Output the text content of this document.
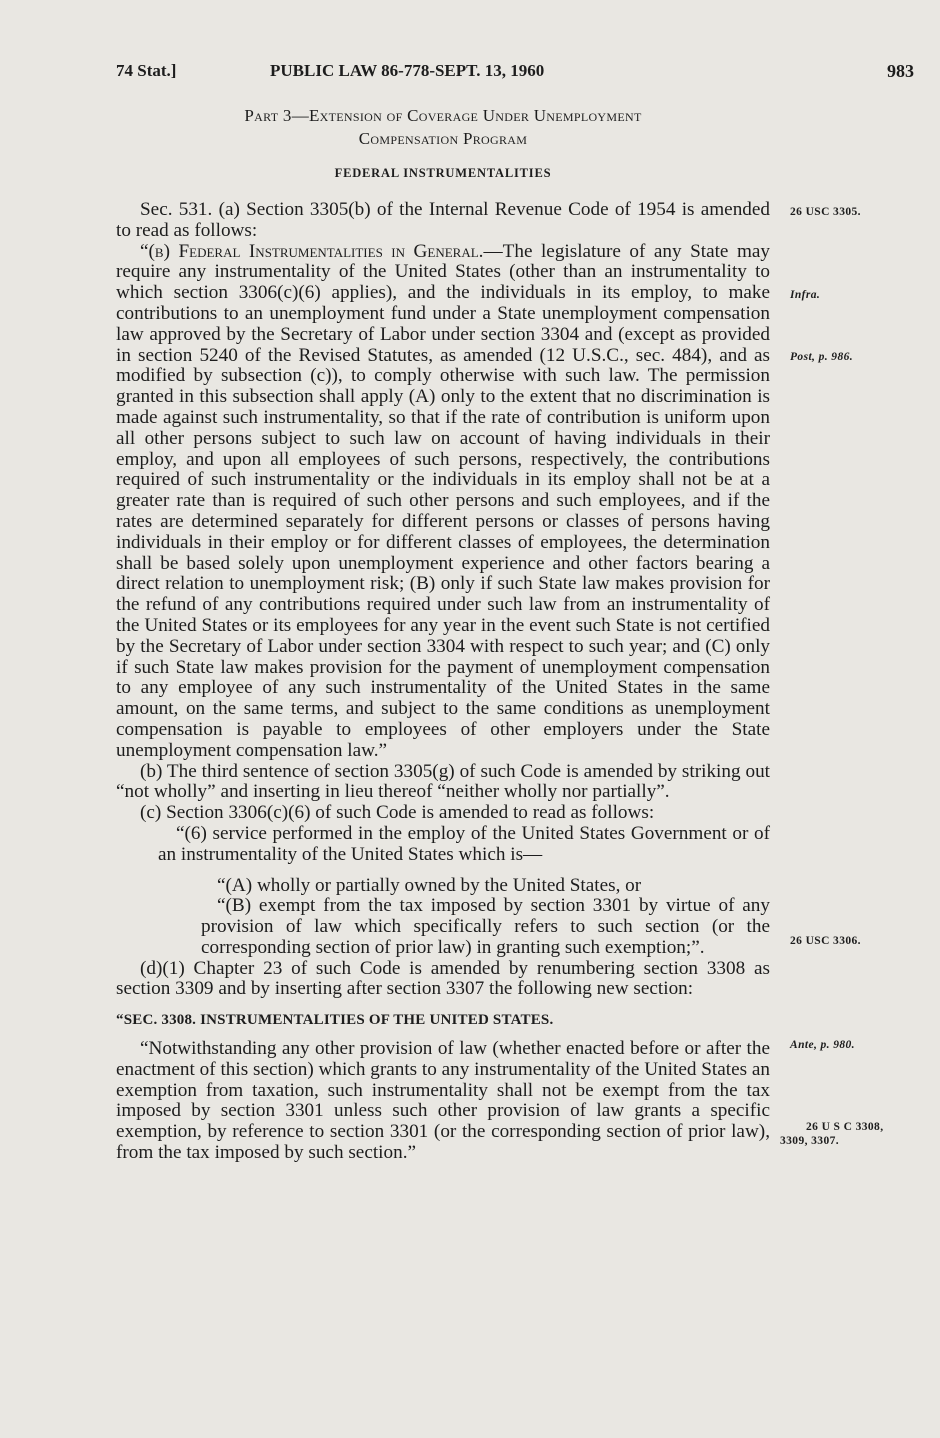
74 Stat.]	PUBLIC LAW 86-778-SEPT. 13, 1960	983
Part 3—Extension of Coverage Under Unemployment
Compensation Program
FEDERAL INSTRUMENTALITIES

Sec. 531. (a) Section 3305(b) of the Internal Revenue Code of 1954 is amended to read as follows:

“(b) Federal Instrumentalities in General.—The legislature of any State may require any instrumentality of the United States (other than an instrumentality to which section 3306(c)(6) applies), and the individuals in its employ, to make contributions to an unemployment fund under a State unemployment compensation law approved by the Secretary of Labor under section 3304 and (except as provided in section 5240 of the Revised Statutes, as amended (12 U.S.C., sec. 484), and as modified by subsection (c)), to comply otherwise with such law. The permission granted in this subsection shall apply (A) only to the extent that no discrimination is made against such instrumentality, so that if the rate of contribution is uniform upon all other persons subject to such law on account of having individuals in their employ, and upon all employees of such persons, respectively, the contributions required of such instrumentality or the individuals in its employ shall not be at a greater rate than is required of such other persons and such employees, and if the rates are determined separately for different persons or classes of persons having individuals in their employ or for different classes of employees, the determination shall be based solely upon unemployment experience and other factors bearing a direct relation to unemployment risk; (B) only if such State law makes provision for the refund of any contributions required under such law from an instrumentality of the United States or its employees for any year in the event such State is not certified by the Secretary of Labor under section 3304 with respect to such year; and (C) only if such State law makes provision for the payment of unemployment compensation to any employee of any such instrumentality of the United States in the same amount, on the same terms, and subject to the same conditions as unemployment compensation is payable to employees of other employers under the State unemployment compensation law.”

(b) The third sentence of section 3305(g) of such Code is amended by striking out “not wholly” and inserting in lieu thereof “neither wholly nor partially”.

(c) Section 3306(c)(6) of such Code is amended to read as follows:

“(6) service performed in the employ of the United States Government or of an instrumentality of the United States which is—

“(A) wholly or partially owned by the United States, or

“(B) exempt from the tax imposed by section 3301 by virtue of any provision of law which specifically refers to such section (or the corresponding section of prior law) in granting such exemption;”.

(d)(1) Chapter 23 of such Code is amended by renumbering section 3308 as section 3309 and by inserting after section 3307 the following new section:

“SEC. 3308. INSTRUMENTALITIES OF THE UNITED STATES.

“Notwithstanding any other provision of law (whether enacted before or after the enactment of this section) which grants to any instrumentality of the United States an exemption from taxation, such instrumentality shall not be exempt from the tax imposed by section 3301 unless such other provision of law grants a specific exemption, by reference to section 3301 (or the corresponding section of prior law), from the tax imposed by such section.”

26 USC 3305.
Infra.
Post, p. 986.
26 USC 3306.
Ante, p. 980.
26 U S C 3308,
3309, 3307.
